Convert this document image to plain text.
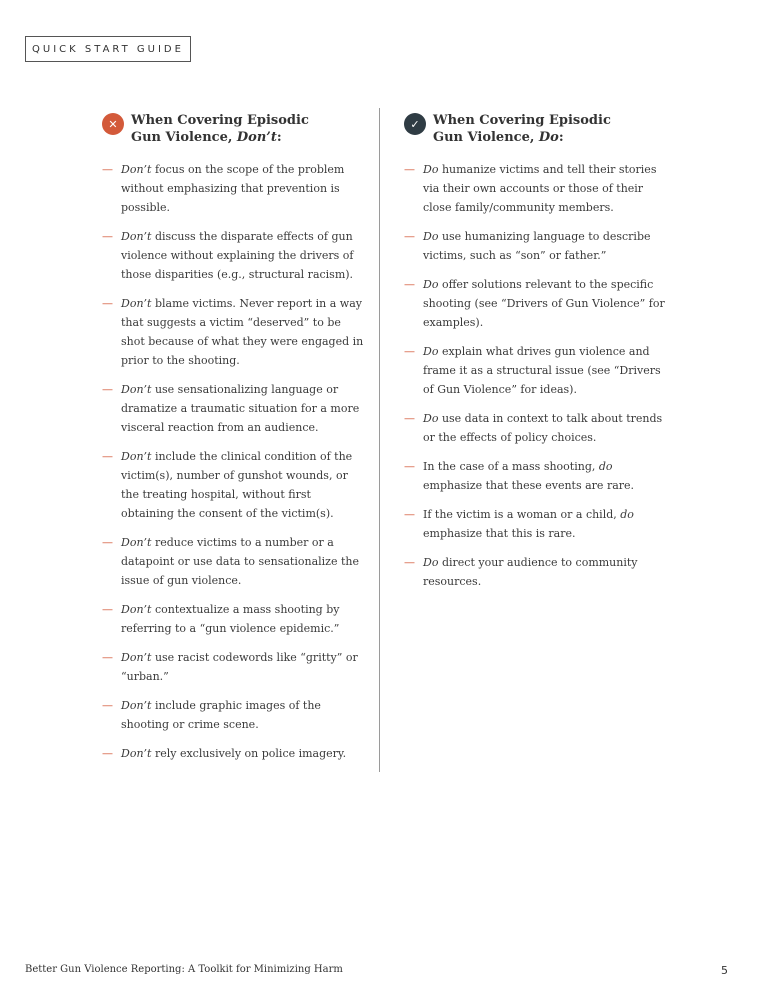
QUICK START GUIDE
✕	When Covering Episodic
Gun Violence, Don’t:
— Don’t focus on the scope of the problem without emphasizing that prevention is possible.
— Don’t discuss the disparate effects of gun violence without explaining the drivers of those disparities (e.g., structural racism).
— Don’t blame victims. Never report in a way that suggests a victim “deserved” to be shot because of what they were engaged in prior to the shooting.
— Don’t use sensationalizing language or dramatize a traumatic situation for a more visceral reaction from an audience.
— Don’t include the clinical condition of the victim(s), number of gunshot wounds, or the treating hospital, without first obtaining the consent of the victim(s).
— Don’t reduce victims to a number or a datapoint or use data to sensationalize the issue of gun violence.
— Don’t contextualize a mass shooting by referring to a “gun violence epidemic.”
— Don’t use racist codewords like “gritty” or “urban.”
— Don’t include graphic images of the shooting or crime scene.
— Don’t rely exclusively on police imagery.
✓	When Covering Episodic
Gun Violence, Do:
— Do humanize victims and tell their stories via their own accounts or those of their close family/community members.
— Do use humanizing language to describe victims, such as “son” or father.”
— Do offer solutions relevant to the specific shooting (see “Drivers of Gun Violence” for examples).
— Do explain what drives gun violence and frame it as a structural issue (see “Drivers of Gun Violence” for ideas).
— Do use data in context to talk about trends or the effects of policy choices.
— In the case of a mass shooting, do emphasize that these events are rare.
— If the victim is a woman or a child, do emphasize that this is rare.
— Do direct your audience to community resources.
Better Gun Violence Reporting: A Toolkit for Minimizing Harm	5
